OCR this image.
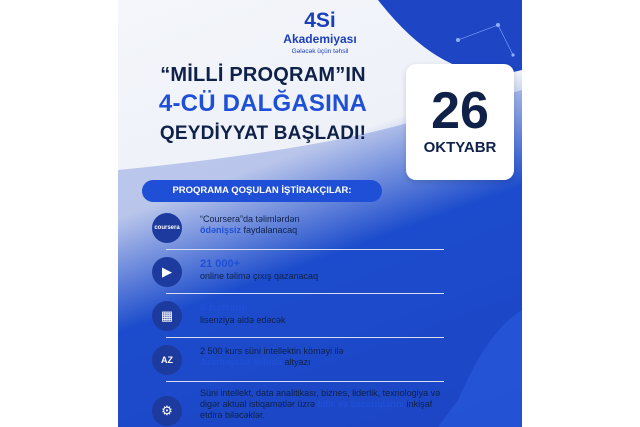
4Si
Akademiyası
Gələcək üçün təhsil
“MİLLİ PROQRAM”IN
4-CÜ DALĞASINA
QEYDİYYAT BAŞLADI!	26
OKTYABR
PROQRAMA QOŞULAN İŞTİRAKÇILAR:
coursera
“Coursera”da təlimlərdən
ödənişsiz faydalanacaq
▶	21 000+
online təlimə çıxış qazanacaq
▦	6 həftəlik
lisenziya əldə edəcək
AZ
2 500 kurs süni intellektin köməyi ilə
Azərbaycan dilində altyazı
⚙
Süni intellekt, data analitikası, biznes, liderlik, texnologiya və digər aktual istiqamətlər üzrə bilik və bacarıqlarını inkişaf etdirə biləcəklər.
